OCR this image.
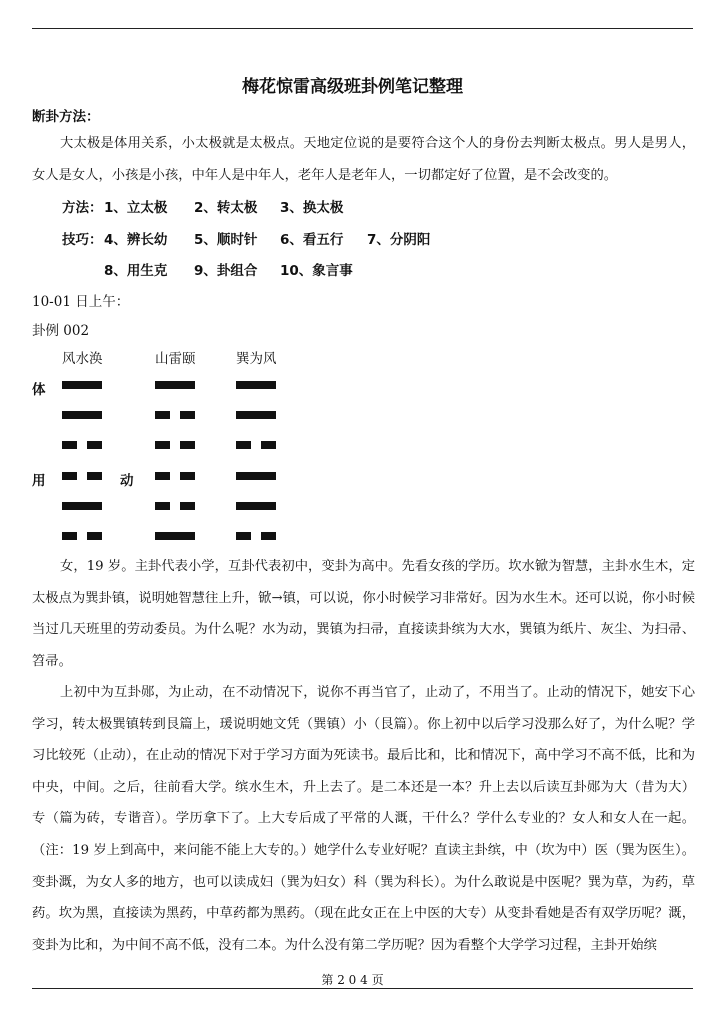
梅花惊雷高级班卦例笔记整理
断卦方法：
大太极是体用关系，小太极就是太极点。天地定位说的是要符合这个人的身份去判断太极点。男人是男人，女人是女人，小孩是小孩，中年人是中年人，老年人是老年人，一切都定好了位置，是不会改变的。
方法： 1、立太极 2、转太极 3、换太极
技巧： 4、辨长幼 5、顺时针 6、看五行 7、分阴阳
8、用生克 9、卦组合 10、象言事
10-01 日上午：
卦例 002
风水涣	山雷颐	巽为风
体
用	动
女，19 岁。主卦代表小学，互卦代表初中，变卦为高中。先看女孩的学历。坎水锨为智慧，主卦水生木，定太极点为巽卦镇，说明她智慧往上升，锨→镇，可以说，你小时候学习非常好。因为水生木。还可以说，你小时候当过几天班里的劳动委员。为什么呢？水为动，巽镇为扫帚，直接读卦缤为大水，巽镇为纸片、灰尘、为扫帚、笤帚。
上初中为互卦郧，为止动，在不动情况下，说你不再当官了，止动了，不用当了。止动的情况下，她安下心学习，转太极巽镇转到艮篇上，瑗说明她文凭（巽镇）小（艮篇）。你上初中以后学习没那么好了，为什么呢？学习比较死（止动），在止动的情况下对于学习方面为死读书。最后比和，比和情况下，高中学习不高不低，比和为中央，中间。之后，往前看大学。缤水生木，升上去了。是二本还是一本？升上去以后读互卦郧为大（昔为大）专（篇为砖，专谐音）。学历拿下了。上大专后成了平常的人溉，干什么？学什么专业的？女人和女人在一起。（注：19 岁上到高中，来问能不能上大专的。）她学什么专业好呢？直读主卦缤，中（坎为中）医（巽为医生）。变卦溉，为女人多的地方，也可以读成妇（巽为妇女）科（巽为科长）。为什么敢说是中医呢？巽为草，为药，草药。坎为黑，直接读为黑药，中草药都为黑药。（现在此女正在上中医的大专）从变卦看她是否有双学历呢？溉，变卦为比和，为中间不高不低，没有二本。为什么没有第二学历呢？因为看整个大学学习过程，主卦开始缤
第 2 0 4 页
